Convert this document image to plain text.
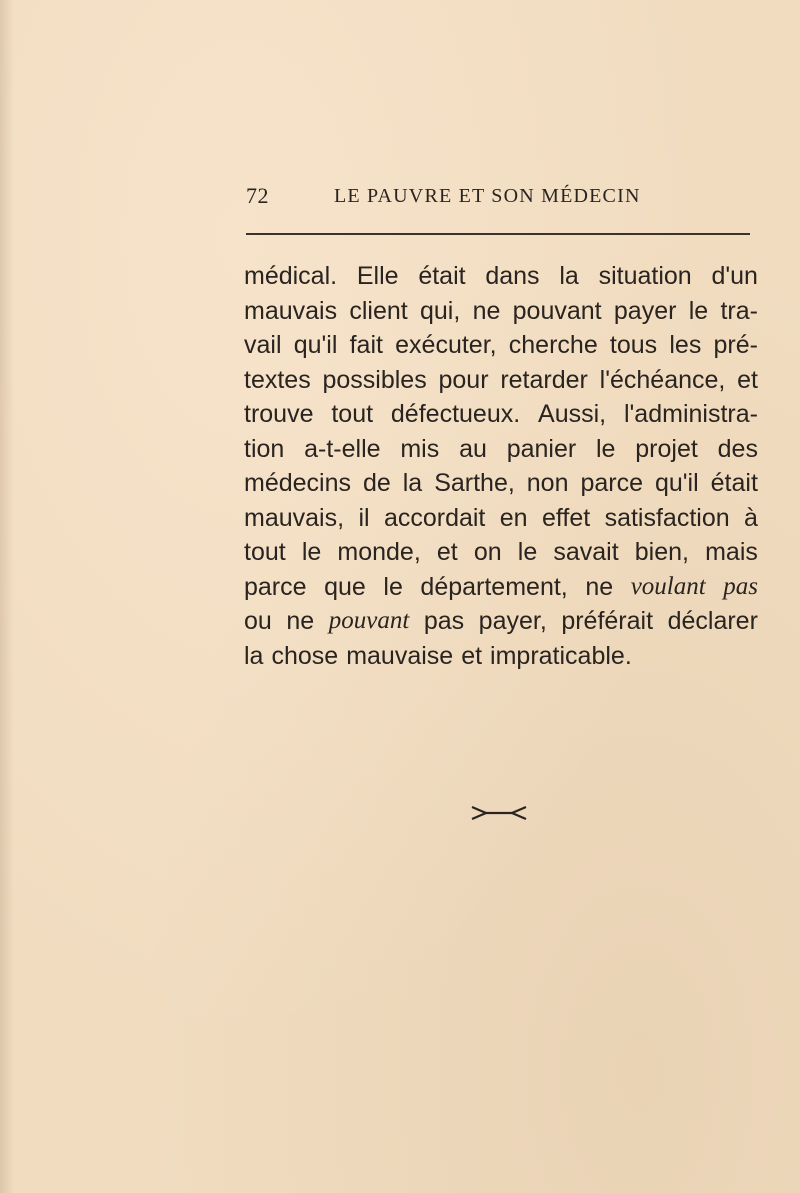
72	LE PAUVRE ET SON MÉDECIN
médical. Elle était dans la situation d'un
mauvais client qui, ne pouvant payer le tra-
vail qu'il fait exécuter, cherche tous les pré-
textes possibles pour retarder l'échéance, et
trouve tout défectueux. Aussi, l'administra-
tion a-t-elle mis au panier le projet des
médecins de la Sarthe, non parce qu'il était
mauvais, il accordait en effet satisfaction à
tout le monde, et on le savait bien, mais
parce que le département, ne voulant pas
ou ne pouvant pas payer, préférait déclarer
la chose mauvaise et impraticable.
